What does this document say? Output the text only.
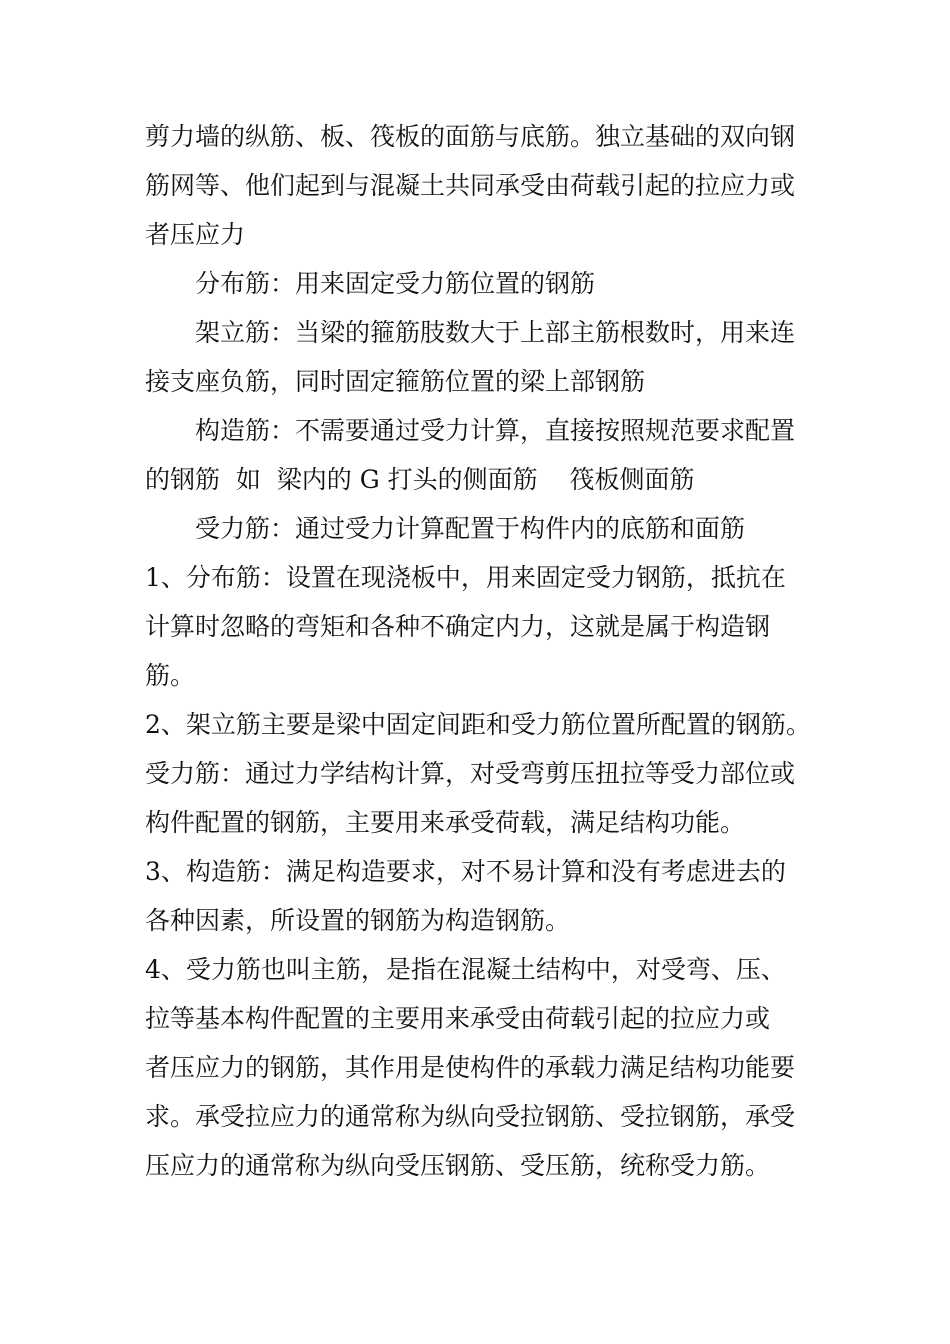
剪力墙的纵筋、板、筏板的面筋与底筋。独立基础的双向钢
筋网等、他们起到与混凝土共同承受由荷载引起的拉应力或
者压应力
分布筋：用来固定受力筋位置的钢筋
架立筋：当梁的箍筋肢数大于上部主筋根数时，用来连
接支座负筋，同时固定箍筋位置的梁上部钢筋
构造筋：不需要通过受力计算，直接按照规范要求配置
的钢筋  如  梁内的 G 打头的侧面筋    筏板侧面筋
受力筋：通过受力计算配置于构件内的底筋和面筋
1、分布筋：设置在现浇板中，用来固定受力钢筋，抵抗在
计算时忽略的弯矩和各种不确定内力，这就是属于构造钢
筋。
2、架立筋主要是梁中固定间距和受力筋位置所配置的钢筋。
受力筋：通过力学结构计算，对受弯剪压扭拉等受力部位或
构件配置的钢筋，主要用来承受荷载，满足结构功能。
3、构造筋：满足构造要求，对不易计算和没有考虑进去的
各种因素，所设置的钢筋为构造钢筋。
4、受力筋也叫主筋，是指在混凝土结构中，对受弯、压、
拉等基本构件配置的主要用来承受由荷载引起的拉应力或
者压应力的钢筋，其作用是使构件的承载力满足结构功能要
求。承受拉应力的通常称为纵向受拉钢筋、受拉钢筋，承受
压应力的通常称为纵向受压钢筋、受压筋，统称受力筋。
